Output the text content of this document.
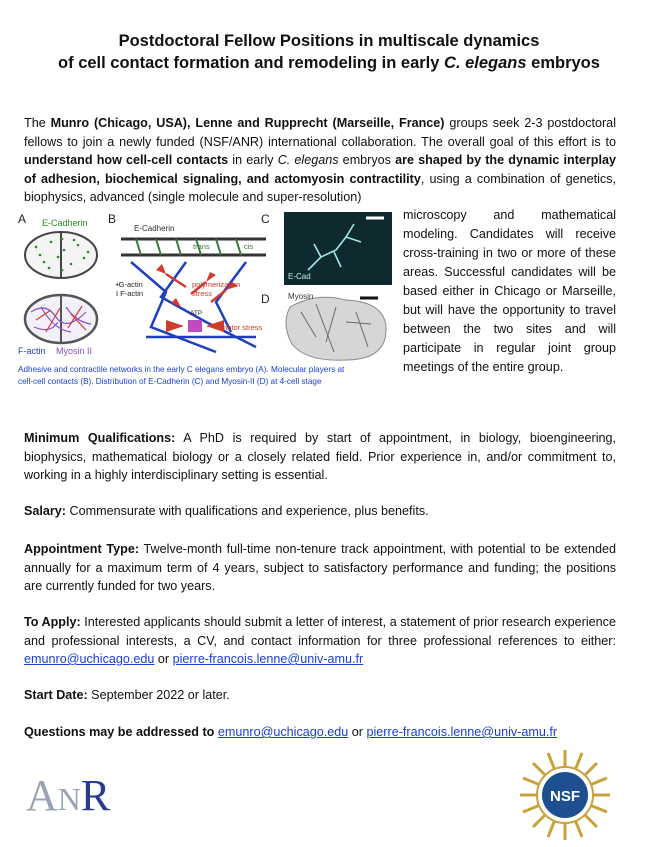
Postdoctoral Fellow Positions in multiscale dynamics
of cell contact formation and remodeling in early C. elegans embryos
The Munro (Chicago, USA), Lenne and Rupprecht (Marseille, France) groups seek 2-3 postdoctoral fellows to join a newly funded (NSF/ANR) international collaboration. The overall goal of this effort is to understand how cell-cell contacts in early C. elegans embryos are shaped by the dynamic interplay of adhesion, biochemical signaling, and actomyosin contractility, using a combination of genetics, biophysics, advanced (single molecule and super-resolution)
A	B	C
D
E-Cadherin
F-actin Myosin II
E-Cadherin
trans	cis
•G-actin
I F-actin
polymerization stress
ATP
motor stress
E-Cad
Myosin
Adhesive and contractile networks in the early C elegans embryo (A). Molecular players at
cell-cell contacts (B). Distribution of E-Cadherin (C) and Myosin-II (D) at 4-cell stage
microscopy and mathematical modeling. Candidates will receive cross-training in two or more of these areas. Successful candidates will be based either in Chicago or Marseille, but will have the opportunity to travel between the two sites and will participate in regular joint group meetings of the entire group.
Minimum Qualifications: A PhD is required by start of appointment, in biology, bioengineering, biophysics, mathematical biology or a closely related field. Prior experience in, and/or commitment to, working in a highly interdisciplinary setting is essential.
Salary: Commensurate with qualifications and experience, plus benefits.
Appointment Type: Twelve-month full-time non-tenure track appointment, with potential to be extended annually for a maximum term of 4 years, subject to satisfactory performance and funding; the positions are currently funded for two years.
To Apply: Interested applicants should submit a letter of interest, a statement of prior research experience and professional interests, a CV, and contact information for three professional references to either: emunro@uchicago.edu or pierre-francois.lenne@univ-amu.fr
Start Date: September 2022 or later.
Questions may be addressed to emunro@uchicago.edu or pierre-francois.lenne@univ-amu.fr
ANR	NSF
